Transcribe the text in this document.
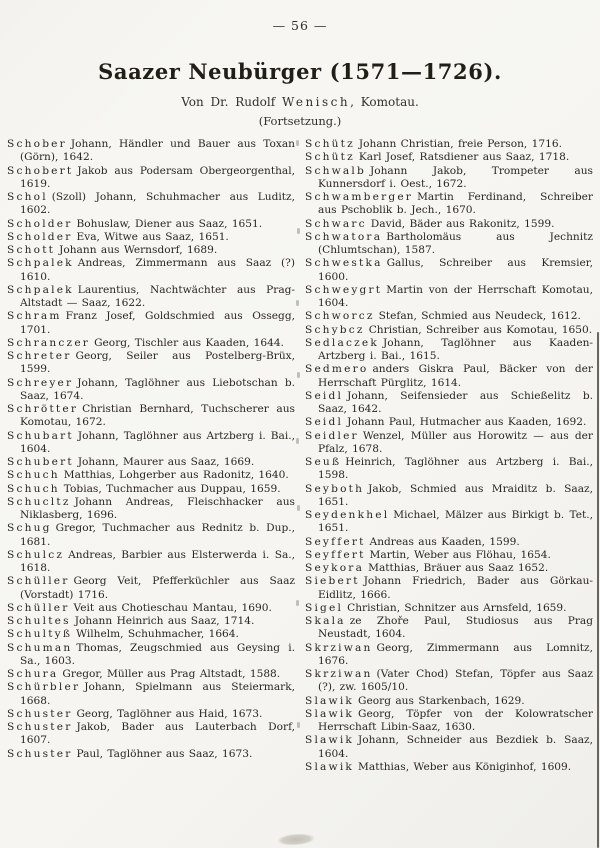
— 56 —
Saazer Neubürger (1571—1726).
Von Dr. Rudolf Wenisch, Komotau.
(Fortsetzung.)

Schober Johann, Händler und Bauer aus Toxan (Görn), 1642.

Schobert Jakob aus Podersam Obergeorgenthal, 1619.

Schol (Szoll) Johann, Schuhmacher aus Luditz, 1602.

Scholder Bohuslaw, Diener aus Saaz, 1651.

Scholder Eva, Witwe aus Saaz, 1651.

Schott Johann aus Wernsdorf, 1689.

Schpalek Andreas, Zimmermann aus Saaz (?) 1610.

Schpalek Laurentius, Nachtwächter aus Prag-Altstadt — Saaz, 1622.

Schram Franz Josef, Goldschmied aus Ossegg, 1701.

Schranczer Georg, Tischler aus Kaaden, 1644.

Schreter Georg, Seiler aus Postelberg-Brüx, 1599.

Schreyer Johann, Taglöhner aus Liebotschan b. Saaz, 1674.

Schrötter Christian Bernhard, Tuchscherer aus Komotau, 1672.

Schubart Johann, Taglöhner aus Artzberg i. Bai., 1604.

Schubert Johann, Maurer aus Saaz, 1669.

Schuch Matthias, Lohgerber aus Radonitz, 1640.

Schuch Tobias, Tuchmacher aus Duppau, 1659.

Schucltz Johann Andreas, Fleischhacker aus Niklasberg, 1696.

Schug Gregor, Tuchmacher aus Rednitz b. Dup., 1681.

Schulcz Andreas, Barbier aus Elsterwerda i. Sa., 1618.

Schüller Georg Veit, Pfefferküchler aus Saaz (Vorstadt) 1716.

Schüller Veit aus Chotieschau Mantau, 1690.

Schultes Johann Heinrich aus Saaz, 1714.

Schultyß Wilhelm, Schuhmacher, 1664.

Schuman Thomas, Zeugschmied aus Geysing i. Sa., 1603.

Schura Gregor, Müller aus Prag Altstadt, 1588.

Schürbler Johann, Spielmann aus Steiermark, 1668.

Schuster Georg, Taglöhner aus Haid, 1673.

Schuster Jakob, Bader aus Lauterbach Dorf, 1607.

Schuster Paul, Taglöhner aus Saaz, 1673.

Schütz Johann Christian, freie Person, 1716.

Schütz Karl Josef, Ratsdiener aus Saaz, 1718.

Schwalb Johann Jakob, Trompeter aus Kunnersdorf i. Oest., 1672.

Schwamberger Martin Ferdinand, Schreiber aus Pschoblik b. Jech., 1670.

Schwarc David, Bäder aus Rakonitz, 1599.

Schwatora Bartholomäus aus Jechnitz (Chlumtschan), 1587.

Schwestka Gallus, Schreiber aus Kremsier, 1600.

Schweygrt Martin von der Herrschaft Komotau, 1604.

Schworcz Stefan, Schmied aus Neudeck, 1612.

Schybcz Christian, Schreiber aus Komotau, 1650.

Sedlaczek Johann, Taglöhner aus Kaaden-Artzberg i. Bai., 1615.

Sedmero anders Giskra Paul, Bäcker von der Herrschaft Pürglitz, 1614.

Seidl Johann, Seifensieder aus Schießelitz b. Saaz, 1642.

Seidl Johann Paul, Hutmacher aus Kaaden, 1692.

Seidler Wenzel, Müller aus Horowitz — aus der Pfalz, 1678.

Seuß Heinrich, Taglöhner aus Artzberg i. Bai., 1598.

Seyboth Jakob, Schmied aus Mraiditz b. Saaz, 1651.

Seydenkhel Michael, Mälzer aus Birkigt b. Tet., 1651.

Seyffert Andreas aus Kaaden, 1599.

Seyffert Martin, Weber aus Flöhau, 1654.

Seykora Matthias, Bräuer aus Saaz 1652.

Siebert Johann Friedrich, Bader aus Görkau-Eidlitz, 1666.

Sigel Christian, Schnitzer aus Arnsfeld, 1659.

Skala ze Zhoře Paul, Studiosus aus Prag Neustadt, 1604.

Skrziwan Georg, Zimmermann aus Lomnitz, 1676.

Skrziwan (Vater Chod) Stefan, Töpfer aus Saaz (?), zw. 1605/10.

Slawik Georg aus Starkenbach, 1629.

Slawik Georg, Töpfer von der Kolowratscher Herrschaft Libin-Saaz, 1630.

Slawik Johann, Schneider aus Bezdiek b. Saaz, 1604.

Slawik Matthias, Weber aus Königinhof, 1609.
